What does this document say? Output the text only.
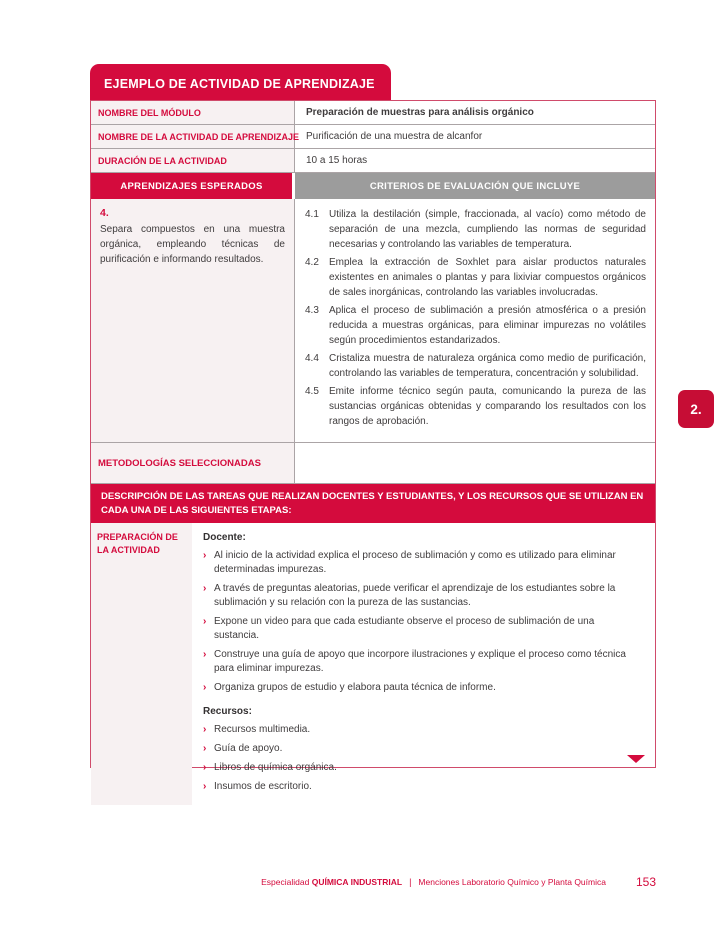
EJEMPLO DE ACTIVIDAD DE APRENDIZAJE
NOMBRE DEL MÓDULO	Preparación de muestras para análisis orgánico
NOMBRE DE LA ACTIVIDAD DE APRENDIZAJE Purificación de una muestra de alcanfor
DURACIÓN DE LA ACTIVIDAD	10 a 15 horas
APRENDIZAJES ESPERADOS	CRITERIOS DE EVALUACIÓN QUE INCLUYE
4.
Separa compuestos en una muestra orgánica, empleando técnicas de purificación e informando resultados.
4.1	Utiliza la destilación (simple, fraccionada, al vacío) como método de separación de una mezcla, cumpliendo las normas de seguridad necesarias y controlando las variables de temperatura.
4.2	Emplea la extracción de Soxhlet para aislar productos naturales existentes en animales o plantas y para lixiviar compuestos orgánicos de sales inorgánicas, controlando las variables involucradas.
4.3	Aplica el proceso de sublimación a presión atmosférica o a presión reducida a muestras orgánicas, para eliminar impurezas no volátiles según procedimientos estandarizados.
4.4	Cristaliza muestra de naturaleza orgánica como medio de purificación, controlando las variables de temperatura, concentración y solubilidad.
4.5	Emite informe técnico según pauta, comunicando la pureza de las sustancias orgánicas obtenidas y comparando los resultados con los rangos de aprobación.
METODOLOGÍAS SELECCIONADAS
DESCRIPCIÓN DE LAS TAREAS QUE REALIZAN DOCENTES Y ESTUDIANTES, Y LOS RECURSOS QUE SE UTILIZAN EN CADA UNA DE LAS SIGUIENTES ETAPAS:
PREPARACIÓN DE LA ACTIVIDAD
Docente:
› Al inicio de la actividad explica el proceso de sublimación y como es utilizado para eliminar determinadas impurezas.
› A través de preguntas aleatorias, puede verificar el aprendizaje de los estudiantes sobre la sublimación y su relación con la pureza de las sustancias.
› Expone un video para que cada estudiante observe el proceso de sublimación de una sustancia.
› Construye una guía de apoyo que incorpore ilustraciones y explique el proceso como técnica para eliminar impurezas.
› Organiza grupos de estudio y elabora pauta técnica de informe.
Recursos:
› Recursos multimedia.
› Guía de apoyo.
› Libros de química orgánica.
› Insumos de escritorio.
2.
Especialidad QUÍMICA INDUSTRIAL | Menciones Laboratorio Químico y Planta Química	153
